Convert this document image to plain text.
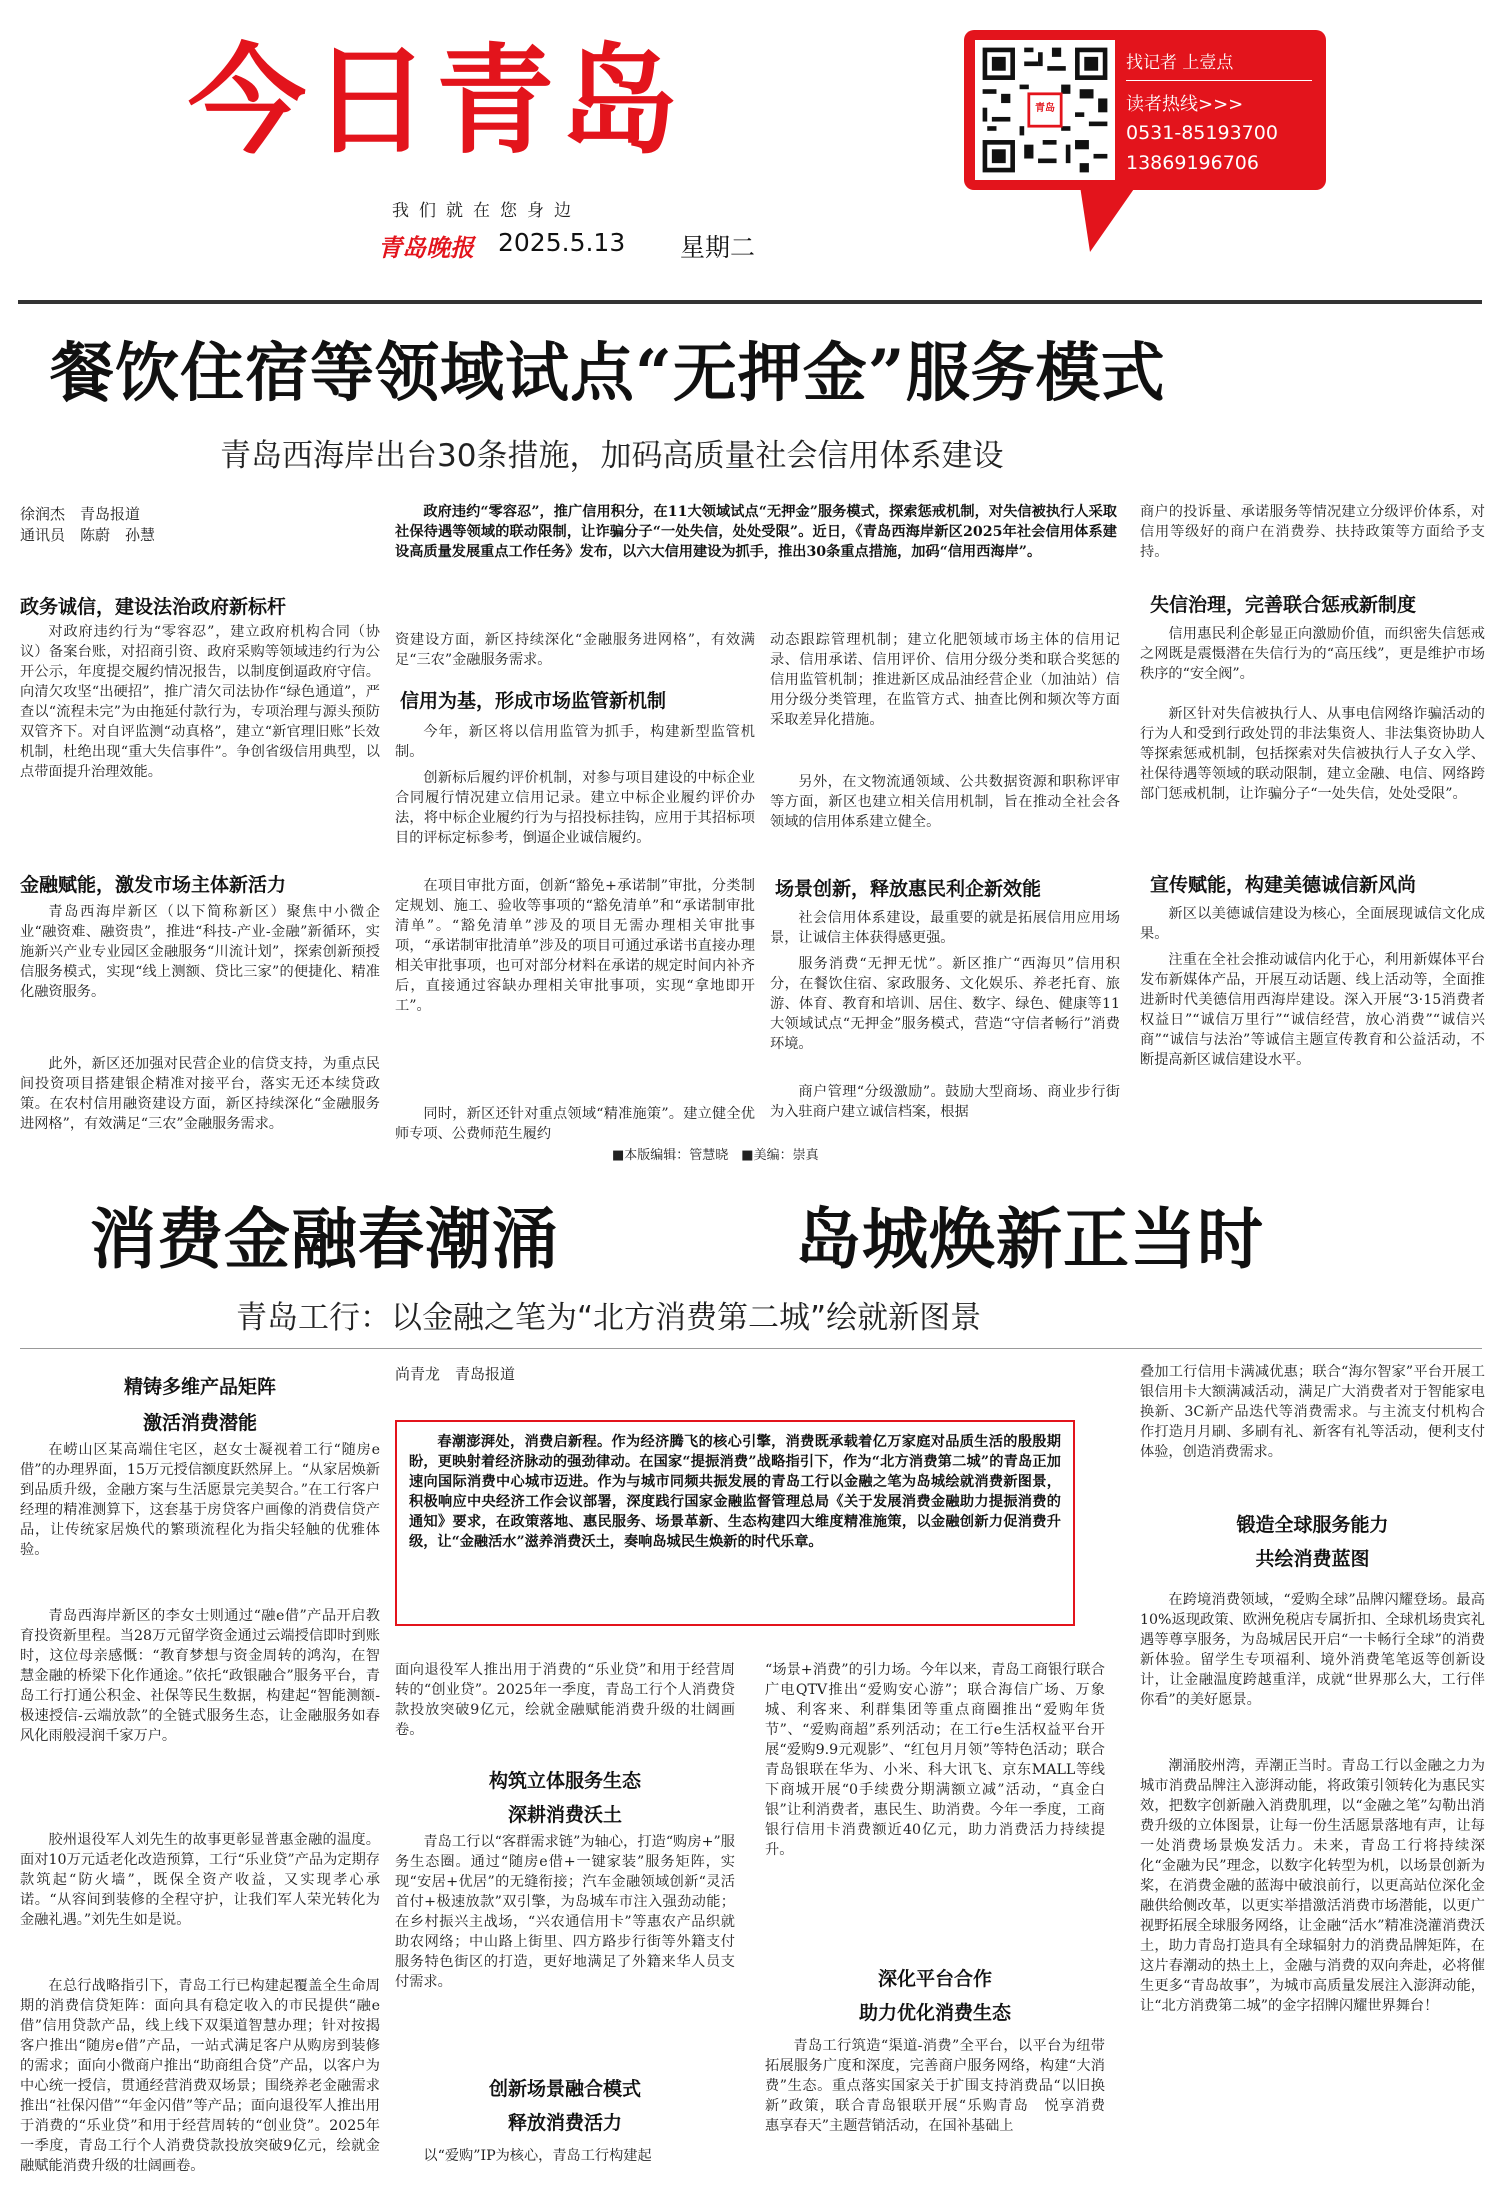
今日青岛
我们就在您身边
青岛晚报 2025.5.13 星期二
青岛
找记者 上壹点
读者热线>>>
0531-85193700
13869196706
餐饮住宿等领域试点“无押金”服务模式
青岛西海岸出台30条措施，加码高质量社会信用体系建设
徐润杰　青岛报道
通讯员　陈蔚　孙慧
政务诚信，建设法治政府新标杆
对政府违约行为“零容忍”，建立政府机构合同（协议）备案台账，对招商引资、政府采购等领域违约行为公开公示，年度提交履约情况报告，以制度倒逼政府守信。向清欠攻坚“出硬招”，推广清欠司法协作“绿色通道”，严查以“流程未完”为由拖延付款行为，专项治理与源头预防双管齐下。对自评监测“动真格”，建立“新官理旧账”长效机制，杜绝出现“重大失信事件”。争创省级信用典型，以点带面提升治理效能。
金融赋能，激发市场主体新活力
青岛西海岸新区（以下简称新区）聚焦中小微企业“融资难、融资贵”，推进“科技-产业-金融”新循环，实施新兴产业专业园区金融服务“川流计划”，探索创新预授信服务模式，实现“线上测额、贷比三家”的便捷化、精准化融资服务。
此外，新区还加强对民营企业的信贷支持，为重点民间投资项目搭建银企精准对接平台，落实无还本续贷政策。在农村信用融资建设方面，新区持续深化“金融服务进网格”，有效满足“三农”金融服务需求。
政府违约“零容忍”，推广信用积分，在11大领域试点“无押金”服务模式，探索惩戒机制，对失信被执行人采取社保待遇等领域的联动限制，让诈骗分子“一处失信，处处受限”。近日，《青岛西海岸新区2025年社会信用体系建设高质量发展重点工作任务》发布，以六大信用建设为抓手，推出30条重点措施，加码“信用西海岸”。
资建设方面，新区持续深化“金融服务进网格”，有效满足“三农”金融服务需求。
信用为基，形成市场监管新机制
今年，新区将以信用监管为抓手，构建新型监管机制。
创新标后履约评价机制，对参与项目建设的中标企业合同履行情况建立信用记录。建立中标企业履约评价办法，将中标企业履约行为与招投标挂钩，应用于其招标项目的评标定标参考，倒逼企业诚信履约。
在项目审批方面，创新“豁免+承诺制”审批，分类制定规划、施工、验收等事项的“豁免清单”和“承诺制审批清单”。“豁免清单”涉及的项目无需办理相关审批事项，“承诺制审批清单”涉及的项目可通过承诺书直接办理相关审批事项，也可对部分材料在承诺的规定时间内补齐后，直接通过容缺办理相关审批事项，实现“拿地即开工”。
同时，新区还针对重点领域“精准施策”。建立健全优师专项、公费师范生履约
动态跟踪管理机制；建立化肥领域市场主体的信用记录、信用承诺、信用评价、信用分级分类和联合奖惩的信用监管机制；推进新区成品油经营企业（加油站）信用分级分类管理，在监管方式、抽查比例和频次等方面采取差异化措施。
另外，在文物流通领域、公共数据资源和职称评审等方面，新区也建立相关信用机制，旨在推动全社会各领域的信用体系建立健全。
场景创新，释放惠民利企新效能
社会信用体系建设，最重要的就是拓展信用应用场景，让诚信主体获得感更强。
服务消费“无押无忧”。新区推广“西海贝”信用积分，在餐饮住宿、家政服务、文化娱乐、养老托育、旅游、体育、教育和培训、居住、数字、绿色、健康等11大领域试点“无押金”服务模式，营造“守信者畅行”消费环境。
商户管理“分级激励”。鼓励大型商场、商业步行街为入驻商户建立诚信档案，根据
商户的投诉量、承诺服务等情况建立分级评价体系，对信用等级好的商户在消费券、扶持政策等方面给予支持。
失信治理，完善联合惩戒新制度
信用惠民利企彰显正向激励价值，而织密失信惩戒之网既是震慑潜在失信行为的“高压线”，更是维护市场秩序的“安全阀”。
新区针对失信被执行人、从事电信网络诈骗活动的行为人和受到行政处罚的非法集资人、非法集资协助人等探索惩戒机制，包括探索对失信被执行人子女入学、社保待遇等领域的联动限制，建立金融、电信、网络跨部门惩戒机制，让诈骗分子“一处失信，处处受限”。
宣传赋能，构建美德诚信新风尚
新区以美德诚信建设为核心，全面展现诚信文化成果。
注重在全社会推动诚信内化于心，利用新媒体平台发布新媒体产品，开展互动话题、线上活动等，全面推进新时代美德信用西海岸建设。深入开展“3·15消费者权益日”“诚信万里行”“诚信经营，放心消费”“诚信兴商”“诚信与法治”等诚信主题宣传教育和公益活动，不断提高新区诚信建设水平。
■本版编辑：管慧晓　■美编：崇真
消费金融春潮涌	岛城焕新正当时
青岛工行：以金融之笔为“北方消费第二城”绘就新图景
精铸多维产品矩阵
激活消费潜能
在崂山区某高端住宅区，赵女士凝视着工行“随房e借”的办理界面，15万元授信额度跃然屏上。“从家居焕新到品质升级，金融方案与生活愿景完美契合。”在工行客户经理的精准测算下，这套基于房贷客户画像的消费信贷产品，让传统家居焕代的繁琐流程化为指尖轻触的优雅体验。
青岛西海岸新区的李女士则通过“融e借”产品开启教育投资新里程。当28万元留学资金通过云端授信即时到账时，这位母亲感慨：“教育梦想与资金周转的鸿沟，在智慧金融的桥梁下化作通途。”依托“政银融合”服务平台，青岛工行打通公积金、社保等民生数据，构建起“智能测额-极速授信-云端放款”的全链式服务生态，让金融服务如春风化雨般浸润千家万户。
胶州退役军人刘先生的故事更彰显普惠金融的温度。面对10万元适老化改造预算，工行“乐业贷”产品为定期存款筑起“防火墙”，既保全资产收益，又实现孝心承诺。“从容间到装修的全程守护，让我们军人荣光转化为金融礼遇。”刘先生如是说。
在总行战略指引下，青岛工行已构建起覆盖全生命周期的消费信贷矩阵：面向具有稳定收入的市民提供“融e借”信用贷款产品，线上线下双渠道智慧办理；针对按揭客户推出“随房e借”产品，一站式满足客户从购房到装修的需求；面向小微商户推出“助商组合贷”产品，以客户为中心统一授信，贯通经营消费双场景；围绕养老金融需求推出“社保闪借”“年金闪借”等产品；面向退役军人推出用于消费的“乐业贷”和用于经营周转的“创业贷”。2025年一季度，青岛工行个人消费贷款投放突破9亿元，绘就金融赋能消费升级的壮阔画卷。
尚青龙　青岛报道
春潮澎湃处，消费启新程。作为经济腾飞的核心引擎，消费既承载着亿万家庭对品质生活的殷殷期盼，更映射着经济脉动的强劲律动。在国家“提振消费”战略指引下，作为“北方消费第二城”的青岛正加速向国际消费中心城市迈进。作为与城市同频共振发展的青岛工行以金融之笔为岛城绘就消费新图景，积极响应中央经济工作会议部署，深度践行国家金融监督管理总局《关于发展消费金融助力提振消费的通知》要求，在政策落地、惠民服务、场景革新、生态构建四大维度精准施策，以金融创新力促消费升级，让“金融活水”滋养消费沃土，奏响岛城民生焕新的时代乐章。
面向退役军人推出用于消费的“乐业贷”和用于经营周转的“创业贷”。2025年一季度，青岛工行个人消费贷款投放突破9亿元，绘就金融赋能消费升级的壮阔画卷。
构筑立体服务生态
深耕消费沃土
青岛工行以“客群需求链”为轴心，打造“购房+”服务生态圈。通过“随房e借+一键家装”服务矩阵，实现“安居+优居”的无缝衔接；汽车金融领域创新“灵活首付+极速放款”双引擎，为岛城车市注入强劲动能；在乡村振兴主战场，“兴农通信用卡”等惠农产品织就助农网络；中山路上街里、四方路步行街等外籍支付服务特色街区的打造，更好地满足了外籍来华人员支付需求。
创新场景融合模式
释放消费活力
以“爱购”IP为核心，青岛工行构建起
“场景+消费”的引力场。今年以来，青岛工商银行联合广电QTV推出“爱购安心游”；联合海信广场、万象城、利客来、利群集团等重点商圈推出“爱购年货节”、“爱购商超”系列活动；在工行e生活权益平台开展“爱购9.9元观影”、“红包月月领”等特色活动；联合青岛银联在华为、小米、科大讯飞、京东MALL等线下商城开展“0手续费分期满额立减”活动，“真金白银”让利消费者，惠民生、助消费。今年一季度，工商银行信用卡消费额近40亿元，助力消费活力持续提升。
深化平台合作
助力优化消费生态
青岛工行筑造“渠道-消费”全平台，以平台为纽带拓展服务广度和深度，完善商户服务网络，构建“大消费”生态。重点落实国家关于扩围支持消费品“以旧换新”政策，联合青岛银联开展“乐购青岛　悦享消费　惠享春天”主题营销活动，在国补基础上
叠加工行信用卡满减优惠；联合“海尔智家”平台开展工银信用卡大额满减活动，满足广大消费者对于智能家电换新、3C新产品迭代等消费需求。与主流支付机构合作打造月月刷、多刷有礼、新客有礼等活动，便利支付体验，创造消费需求。
锻造全球服务能力
共绘消费蓝图
在跨境消费领域，“爱购全球”品牌闪耀登场。最高10%返现政策、欧洲免税店专属折扣、全球机场贵宾礼遇等尊享服务，为岛城居民开启“一卡畅行全球”的消费新体验。留学生专项福利、境外消费笔笔返等创新设计，让金融温度跨越重洋，成就“世界那么大，工行伴你看”的美好愿景。
潮涌胶州湾，弄潮正当时。青岛工行以金融之力为城市消费品牌注入澎湃动能，将政策引领转化为惠民实效，把数字创新融入消费肌理，以“金融之笔”勾勒出消费升级的立体图景，让每一份生活愿景落地有声，让每一处消费场景焕发活力。未来，青岛工行将持续深化“金融为民”理念，以数字化转型为机，以场景创新为桨，在消费金融的蓝海中破浪前行，以更高站位深化金融供给侧改革，以更实举措激活消费市场潜能，以更广视野拓展全球服务网络，让金融“活水”精准浇灌消费沃土，助力青岛打造具有全球辐射力的消费品牌矩阵，在这片春潮动的热土上，金融与消费的双向奔赴，必将催生更多“青岛故事”，为城市高质量发展注入澎湃动能，让“北方消费第二城”的金字招牌闪耀世界舞台！
